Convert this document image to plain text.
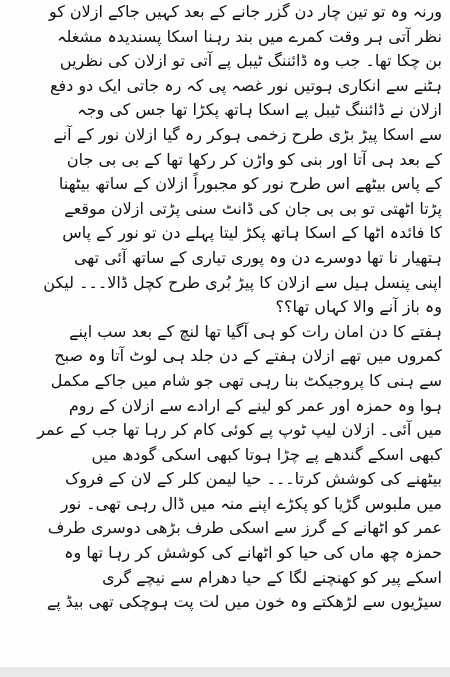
ورنہ وہ تو تین چار دن گزر جانے کے بعد کہیں جاکے ازلان کو
نظر آتی ہر وقت کمرے میں بند رہنا اسکا پسندیدہ مشغلہ
بن چکا تھا۔ جب وہ ڈائننگ ٹیبل پے آتی تو ازلان کی نظریں
ہٹنے سے انکاری ہوتیں نور غصہ پی کہ رہ جاتی ایک دو دفع
ازلان نے ڈائننگ ٹیبل پے اسکا ہاتھ پکڑا تھا جس کی وجہ
سے اسکا پیڑ بڑی طرح زخمی ہوکر رہ گیا ازلان نور کے آنے
کے بعد ہی آتا اور بنی کو واڑن کر رکھا تھا کے بی بی جان
کے پاس بیٹھے اس طرح نور کو مجبوراً ازلان کے ساتھ بیٹھنا
پڑتا اٹھتی تو بی بی جان کی ڈانٹ سنی پڑتی ازلان موقعے
کا فائدہ اٹھا کے اسکا ہاتھ پکڑ لیتا پہلے دن تو نور کے پاس
ہتھیار نا تھا دوسرے دن وہ پوری تیاری کے ساتھ آئی تھی
اپنی پنسل ہیل سے ازلان کا پیڑ بُری طرح کچل ڈالا۔۔۔ لیکن
وہ باز آنے والا کہاں تھا؟؟
ہفتے کا دن امان رات کو ہی آگیا تھا لنچ کے بعد سب اپنے
کمروں میں تھے ازلان ہفتے کے دن جلد ہی لوٹ آتا وہ صبح
سے ہنی کا پروجیکٹ بنا رہی تھی جو شام میں جاکے مکمل
ہوا وہ حمزہ اور عمر کو لینے کے ارادے سے ازلان کے روم
میں آئی۔ ازلان لیپ ٹوپ پے کوئی کام کر رہا تھا جب کے عمر
کبھی اسکے گندھے پے چڑا ہوتا کبھی اسکی گودھ میں
بیٹھنے کی کوشش کرتا۔۔۔ حیا لیمن کلر کے لان کے فروک
میں ملبوس گڑیا کو پکڑے اپنے منہ میں ڈال رہی تھی۔ نور
عمر کو اٹھانے کے گرز سے اسکی طرف بڑھی دوسری طرف
حمزہ چھ ماں کی حیا کو اٹھانے کی کوشش کر رہا تھا وہ
اسکے پیر کو کھنچنے لگا کے حیا دھرام سے نیچے گری
سیڑیوں سے لڑھکتے وہ خون میں لت پت ہوچکی تھی بیڈ پے
